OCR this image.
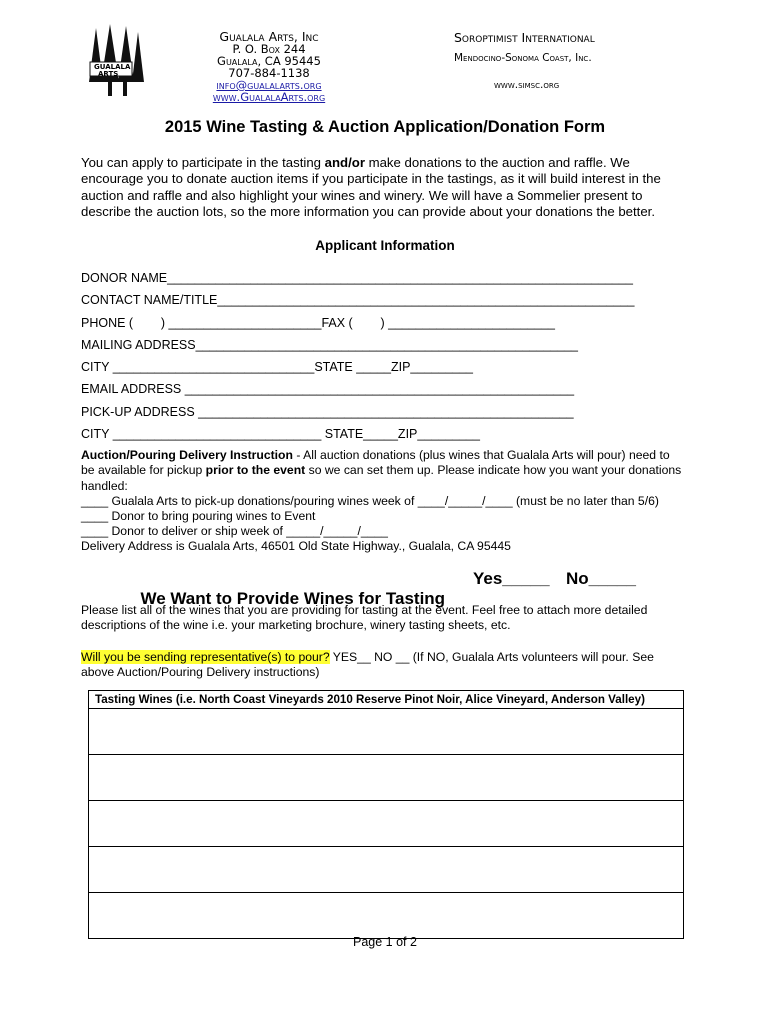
GUALALA
ARTS
Gualala Arts, Inc
P. O. Box 244
Gualala, CA 95445
707-884-1138
info@gualalarts.org
www.GualalaArts.org
Soroptimist International
Mendocino-Sonoma Coast, Inc.
www.simsc.org
2015 Wine Tasting & Auction Application/Donation Form
You can apply to participate in the tasting and/or make donations to the auction and raffle. We encourage you to donate auction items if you participate in the tastings, as it will build interest in the auction and raffle and also highlight your wines and winery. We will have a Sommelier present to describe the auction lots, so the more information you can provide about your donations the better.
Applicant Information
DONOR NAME___________________________________________________________________
CONTACT NAME/TITLE____________________________________________________________
PHONE (        ) ______________________FAX (        ) ________________________
MAILING ADDRESS_______________________________________________________
CITY _____________________________STATE _____ZIP_________
EMAIL ADDRESS ________________________________________________________
PICK-UP ADDRESS ______________________________________________________
CITY ______________________________ STATE_____ZIP_________
Auction/Pouring Delivery Instruction - All auction donations (plus wines that Gualala Arts will pour) need to be available for pickup prior to the event so we can set them up. Please indicate how you want your donations handled:
____ Gualala Arts to pick-up donations/pouring wines week of ____/_____/____ (must be no later than 5/6)
____ Donor to bring pouring wines to Event
____ Donor to deliver or ship week of _____/_____/____
Delivery Address is Gualala Arts, 46501 Old State Highway., Gualala, CA 95445

We Want to Provide Wines for Tasting

Yes_____ No_____
Please list all of the wines that you are providing for tasting at the event. Feel free to attach more detailed descriptions of the wine i.e. your marketing brochure, winery tasting sheets, etc.
Will you be sending representative(s) to pour? YES__ NO __ (If NO, Gualala Arts volunteers will pour. See above Auction/Pouring Delivery instructions)
Tasting Wines (i.e. North Coast Vineyards 2010 Reserve Pinot Noir, Alice Vineyard, Anderson Valley)

Page 1 of 2
